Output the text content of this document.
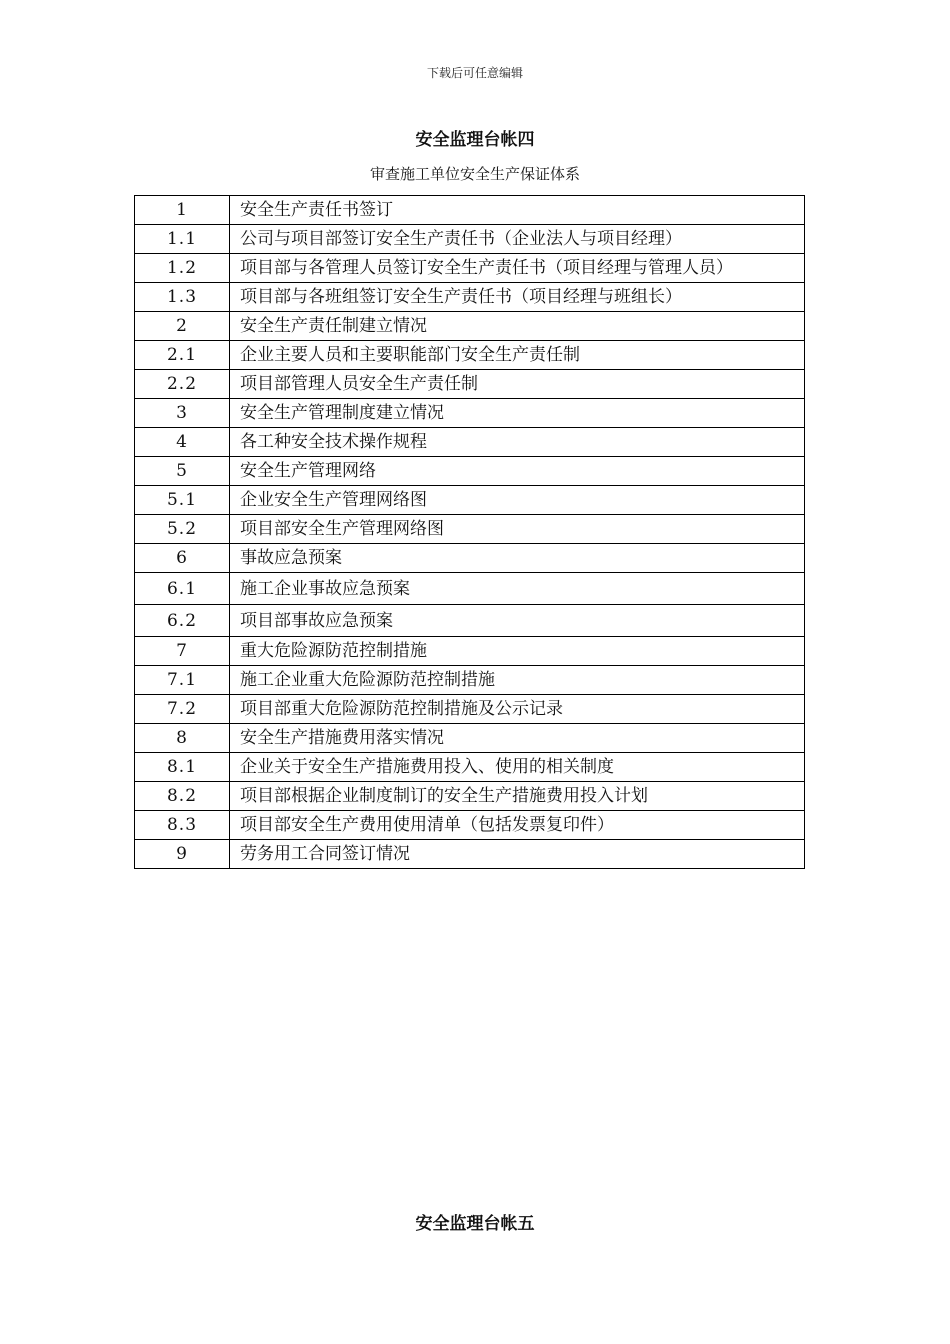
下载后可任意编辑
安全监理台帐四
审查施工单位安全生产保证体系
1	安全生产责任书签订
1.1	公司与项目部签订安全生产责任书（企业法人与项目经理）
1.2	项目部与各管理人员签订安全生产责任书（项目经理与管理人员）
1.3	项目部与各班组签订安全生产责任书（项目经理与班组长）
2	安全生产责任制建立情况
2.1	企业主要人员和主要职能部门安全生产责任制
2.2	项目部管理人员安全生产责任制
3	安全生产管理制度建立情况
4	各工种安全技术操作规程
5	安全生产管理网络
5.1	企业安全生产管理网络图
5.2	项目部安全生产管理网络图
6	事故应急预案
6.1	施工企业事故应急预案
6.2	项目部事故应急预案
7	重大危险源防范控制措施
7.1	施工企业重大危险源防范控制措施
7.2	项目部重大危险源防范控制措施及公示记录
8	安全生产措施费用落实情况
8.1	企业关于安全生产措施费用投入、使用的相关制度
8.2	项目部根据企业制度制订的安全生产措施费用投入计划
8.3	项目部安全生产费用使用清单（包括发票复印件）
9	劳务用工合同签订情况
安全监理台帐五
